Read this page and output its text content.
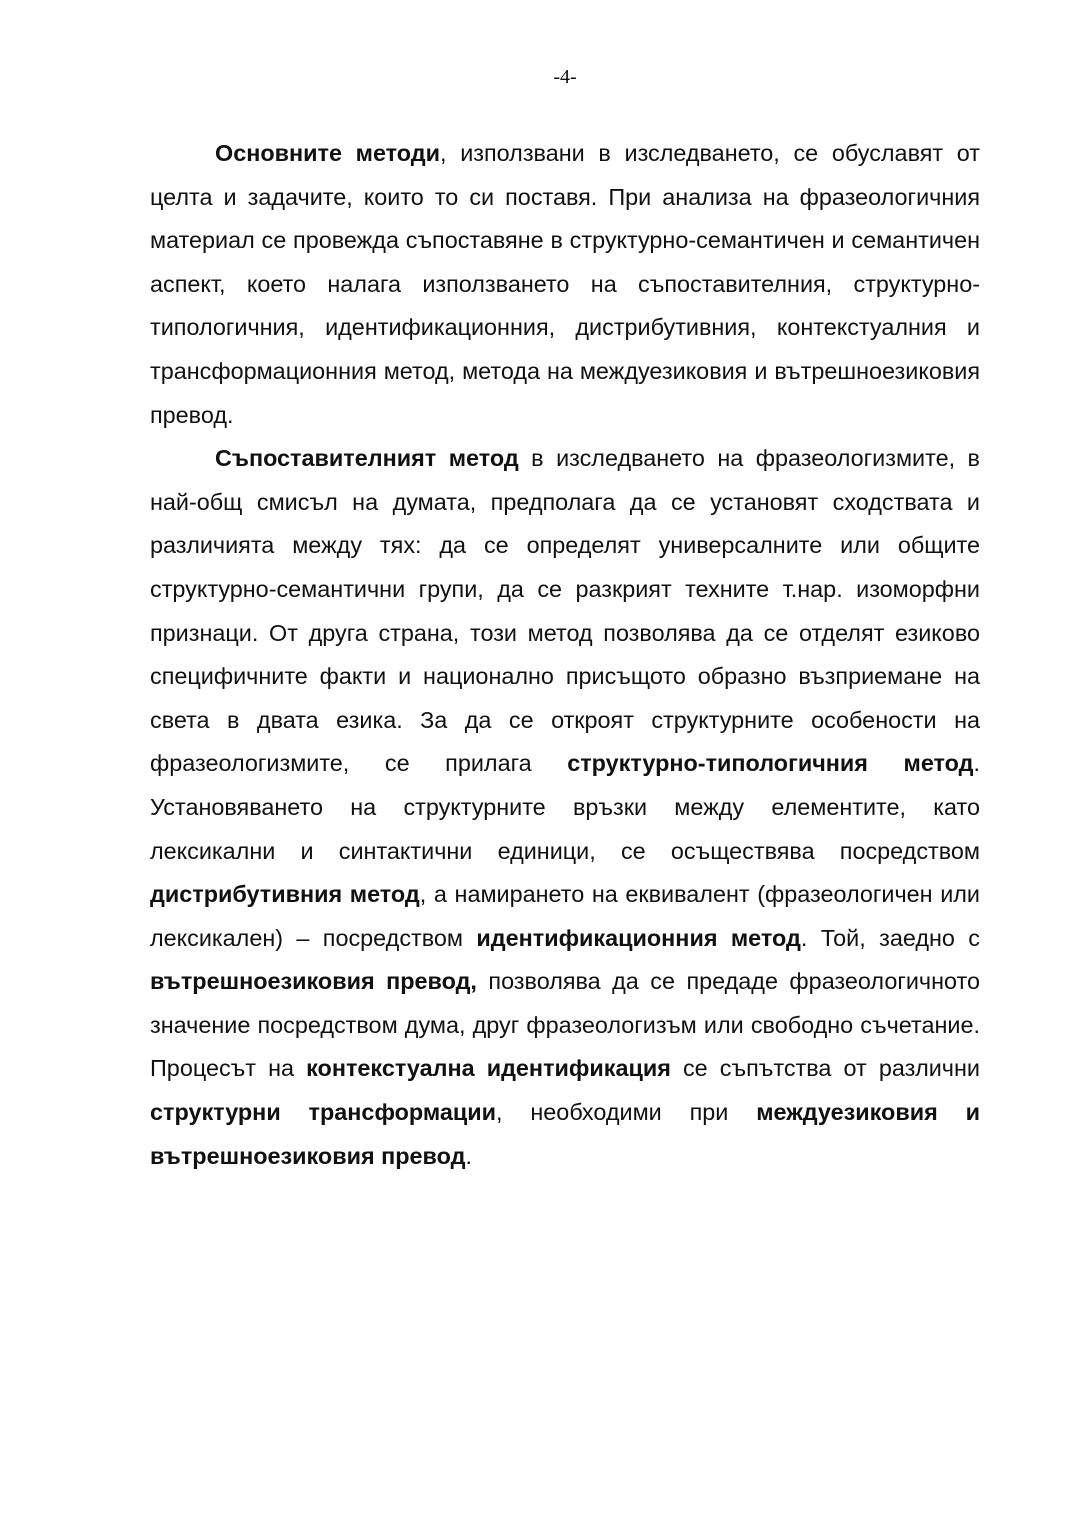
-4-

Основните методи, използвани в изследването, се обуславят от целта и задачите, които то си поставя. При анализа на фразеологичния материал се провежда съпоставяне в структурно-семантичен и семантичен аспект, което налага използването на съпоставителния, структурно-типологичния, идентификационния, дистрибутивния, контекстуалния и трансформационния метод, метода на междуезиковия и вътрешноезиковия превод.

Съпоставителният метод в изследването на фразеологизмите, в най-общ смисъл на думата, предполага да се установят сходствата и различията между тях: да се определят универсалните или общите структурно-семантични групи, да се разкрият техните т.нар. изоморфни признаци. От друга страна, този метод позволява да се отделят езиково специфичните факти и национално присъщото образно възприемане на света в двата езика. За да се откроят структурните особености на фразеологизмите, се прилага структурно-типологичния метод. Установяването на структурните връзки между елементите, като лексикални и синтактични единици, се осъществява посредством дистрибутивния метод, а намирането на еквивалент (фразеологичен или лексикален) – посредством идентификационния метод. Той, заедно с вътрешноезиковия превод, позволява да се предаде фразеологичното значение посредством дума, друг фразеологизъм или свободно съчетание. Процесът на контекстуална идентификация се съпътства от различни структурни трансформации, необходими при междуезиковия и вътрешноезиковия превод.
